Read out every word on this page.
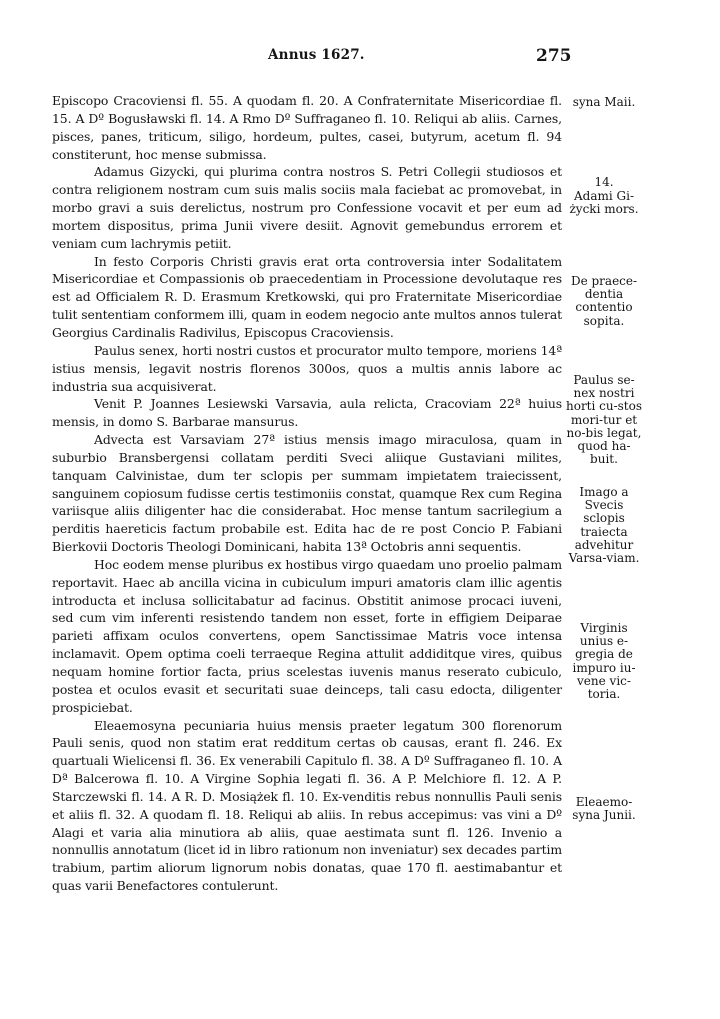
Annus 1627.	275

Episcopo Cracoviensi fl. 55. A quodam fl. 20. A Confraternitate Misericordiae fl. 15. A Dº Bogusławski fl. 14. A Rmo Dº Suffraganeo fl. 10. Reliqui ab aliis. Carnes, pisces, panes, triticum, siligo, hordeum, pultes, casei, butyrum, acetum fl. 94 constiterunt, hoc mense submissa.

Adamus Gizycki, qui plurima contra nostros S. Petri Collegii studiosos et contra religionem nostram cum suis malis sociis mala faciebat ac promovebat, in morbo gravi a suis derelictus, nostrum pro Confessione vocavit et per eum ad mortem dispositus, prima Junii vivere desiit. Agnovit gemebundus errorem et veniam cum lachrymis petiit.

In festo Corporis Christi gravis erat orta controversia inter Sodalitatem Misericordiae et Compassionis ob praecedentiam in Processione devolutaque res est ad Officialem R. D. Erasmum Kretkowski, qui pro Fraternitate Misericordiae tulit sententiam conformem illi, quam in eodem negocio ante multos annos tulerat Georgius Cardinalis Radivilus, Episcopus Cracoviensis.

Paulus senex, horti nostri custos et procurator multo tempore, moriens 14ª istius mensis, legavit nostris florenos 300os, quos a multis annis labore ac industria sua acquisiverat.

Venit P. Joannes Lesiewski Varsavia, aula relicta, Cracoviam 22ª huius mensis, in domo S. Barbarae mansurus.

Advecta est Varsaviam 27ª istius mensis imago miraculosa, quam in suburbio Bransbergensi collatam perditi Sveci aliique Gustaviani milites, tanquam Calvinistae, dum ter sclopis per summam impietatem traiecissent, sanguinem copiosum fudisse certis testimoniis constat, quamque Rex cum Regina variisque aliis diligenter hac die considerabat. Hoc mense tantum sacrilegium a perditis haereticis factum probabile est. Edita hac de re post Concio P. Fabiani Bierkovii Doctoris Theologi Dominicani, habita 13ª Octobris anni sequentis.

Hoc eodem mense pluribus ex hostibus virgo quaedam uno proelio palmam reportavit. Haec ab ancilla vicina in cubiculum impuri amatoris clam illic agentis introducta et inclusa sollicitabatur ad facinus. Obstitit animose procaci iuveni, sed cum vim inferenti resistendo tandem non esset, forte in effigiem Deiparae parieti affixam oculos convertens, opem Sanctissimae Matris voce intensa inclamavit. Opem optima coeli terraeque Regina attulit addiditque vires, quibus nequam homine fortior facta, prius scelestas iuvenis manus reserato cubiculo, postea et oculos evasit et securitati suae deinceps, tali casu edocta, diligenter prospiciebat.

Eleaemosyna pecuniaria huius mensis praeter legatum 300 florenorum Pauli senis, quod non statim erat redditum certas ob causas, erant fl. 246. Ex quartuali Wielicensi fl. 36. Ex venerabili Capitulo fl. 38. A Dº Suffraganeo fl. 10. A Dª Balcerowa fl. 10. A Virgine Sophia legati fl. 36. A P. Melchiore fl. 12. A P. Starczewski fl. 14. A R. D. Mosiążek fl. 10. Ex-venditis rebus nonnullis Pauli senis et aliis fl. 32. A quodam fl. 18. Reliqui ab aliis. In rebus accepimus: vas vini a Dº Alagi et varia alia minutiora ab aliis, quae aestimata sunt fl. 126. Invenio a nonnullis annotatum (licet id in libro rationum non inveniatur) sex decades partim trabium, partim aliorum lignorum nobis donatas, quae 170 fl. aestimabantur et quas varii Benefactores contulerunt.

syna Maii.
14.
Adami Gi-życki mors.
De praece-dentia contentio sopita.
Paulus se-nex nostri horti cu-stos mori-tur et no-bis legat, quod ha-buit.
Imago a Svecis sclopis traiecta advehitur Varsa-viam.
Virginis unius e-gregia de impuro iu-vene vic-toria.
Eleaemo-syna Junii.
